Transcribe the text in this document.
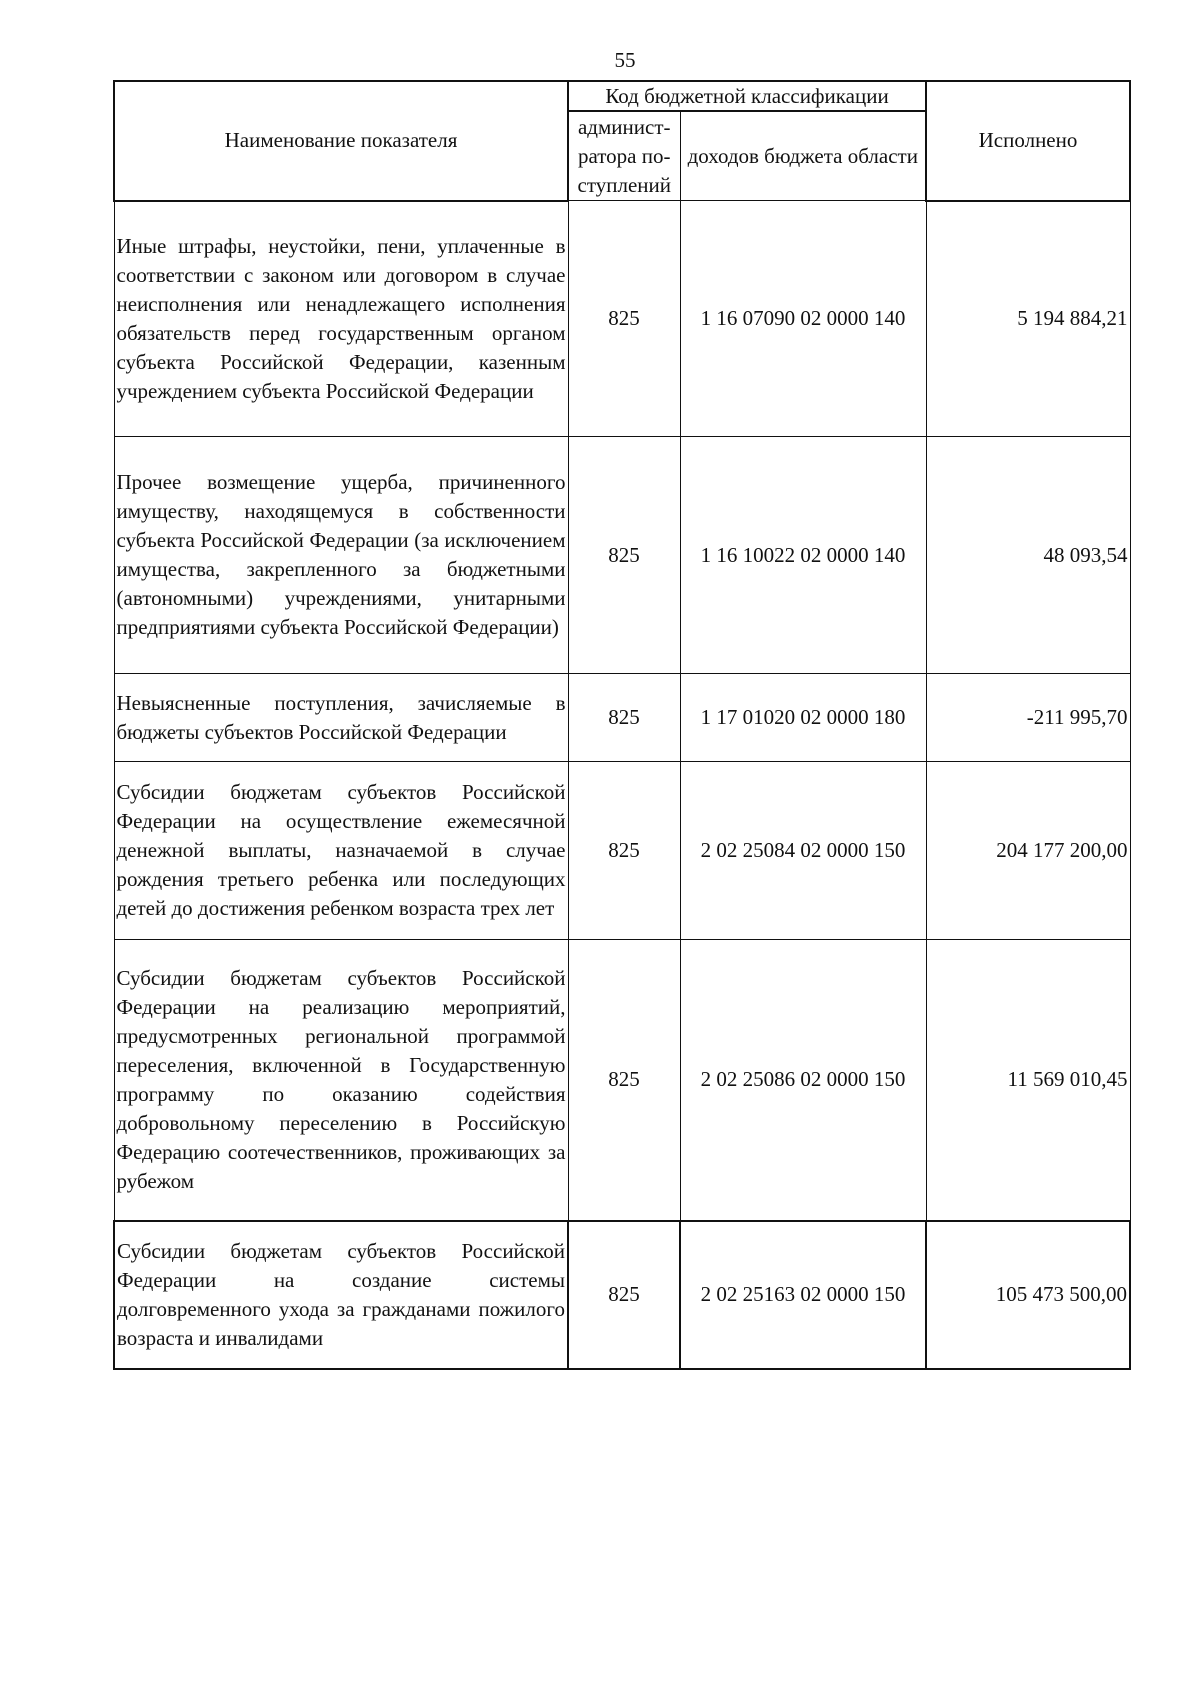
55
Наименование показателя	Код бюджетной классификации		Исполнено
	админист-ратора по-ступлений	доходов бюджета области	
Иные штрафы, неустойки, пени, уплаченные в соответствии с законом или договором в случае неисполнения или ненадлежащего исполнения обязательств перед государственным органом субъекта Российской Федерации, казенным учреждением субъекта Российской Федерации	825	1 16 07090 02 0000 140	5 194 884,21
Прочее возмещение ущерба, причиненного имуществу, находящемуся в собственности субъекта Российской Федерации (за исключением имущества, закрепленного за бюджетными (автономными) учреждениями, унитарными предприятиями субъекта Российской Федерации)	825	1 16 10022 02 0000 140	48 093,54
Невыясненные поступления, зачисляемые в бюджеты субъектов Российской Федерации	825	1 17 01020 02 0000 180	-211 995,70
Субсидии бюджетам субъектов Российской Федерации на осуществление ежемесячной денежной выплаты, назначаемой в случае рождения третьего ребенка или последующих детей до достижения ребенком возраста трех лет	825	2 02 25084 02 0000 150	204 177 200,00
Субсидии бюджетам субъектов Российской Федерации на реализацию мероприятий, предусмотренных региональной программой переселения, включенной в Государственную программу по оказанию содействия добровольному переселению в Российскую Федерацию соотечественников, проживающих за рубежом	825	2 02 25086 02 0000 150	11 569 010,45
Субсидии бюджетам субъектов Российской Федерации на создание системы долговременного ухода за гражданами пожилого возраста и инвалидами	825	2 02 25163 02 0000 150	105 473 500,00
